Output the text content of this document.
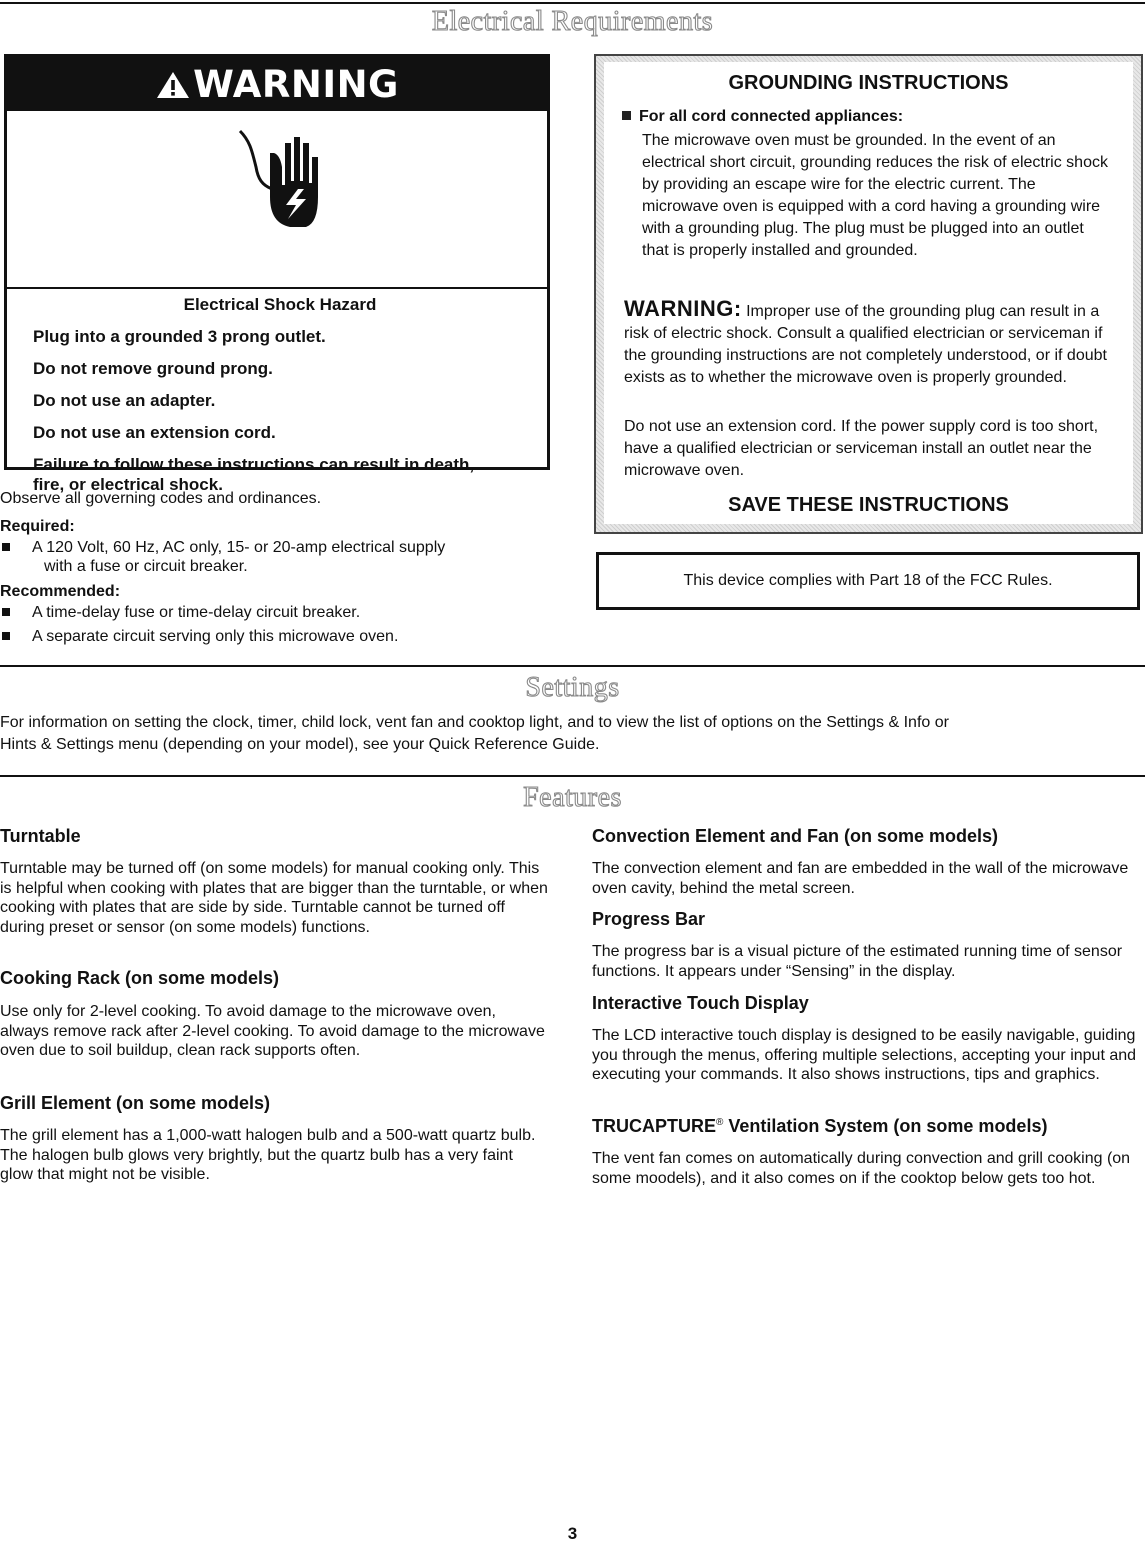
Electrical Requirements
WARNING
Electrical Shock Hazard
Plug into a grounded 3 prong outlet.
Do not remove ground prong.
Do not use an adapter.
Do not use an extension cord.
Failure to follow these instructions can result in death,
fire, or electrical shock.
GROUNDING INSTRUCTIONS
For all cord connected appliances:
The microwave oven must be grounded. In the event of an electrical short circuit, grounding reduces the risk of electric shock by providing an escape wire for the electric current. The microwave oven is equipped with a cord having a grounding wire with a grounding plug. The plug must be plugged into an outlet that is properly installed and grounded.
WARNING: Improper use of the grounding plug can result in a risk of electric shock. Consult a qualified electrician or serviceman if the grounding instructions are not completely understood, or if doubt exists as to whether the microwave oven is properly grounded.
Do not use an extension cord. If the power supply cord is too short, have a qualified electrician or serviceman install an outlet near the microwave oven.
SAVE THESE INSTRUCTIONS
This device complies with Part 18 of the FCC Rules.
Observe all governing codes and ordinances.
Required:
A 120 Volt, 60 Hz, AC only, 15- or 20-amp electrical supply
with a fuse or circuit breaker.
Recommended:
A time-delay fuse or time-delay circuit breaker.
A separate circuit serving only this microwave oven.
Settings
For information on setting the clock, timer, child lock, vent fan and cooktop light, and to view the list of options on the Settings & Info or
Hints & Settings menu (depending on your model), see your Quick Reference Guide.
Features
Turntable
Turntable may be turned off (on some models) for manual cooking only. This is helpful when cooking with plates that are bigger than the turntable, or when cooking with plates that are side by side. Turntable cannot be turned off during preset or sensor (on some models) functions.
Cooking Rack (on some models)
Use only for 2-level cooking. To avoid damage to the microwave oven, always remove rack after 2-level cooking. To avoid damage to the microwave oven due to soil buildup, clean rack supports often.
Grill Element (on some models)
The grill element has a 1,000-watt halogen bulb and a 500-watt quartz bulb. The halogen bulb glows very brightly, but the quartz bulb has a very faint glow that might not be visible.
Convection Element and Fan (on some models)
The convection element and fan are embedded in the wall of the microwave oven cavity, behind the metal screen.
Progress Bar
The progress bar is a visual picture of the estimated running time of sensor functions. It appears under “Sensing” in the display.
Interactive Touch Display
The LCD interactive touch display is designed to be easily navigable, guiding you through the menus, offering multiple selections, accepting your input and executing your commands. It also shows instructions, tips and graphics.
TRUCAPTURE® Ventilation System (on some models)
The vent fan comes on automatically during convection and grill cooking (on some moodels), and it also comes on if the cooktop below gets too hot.
3
